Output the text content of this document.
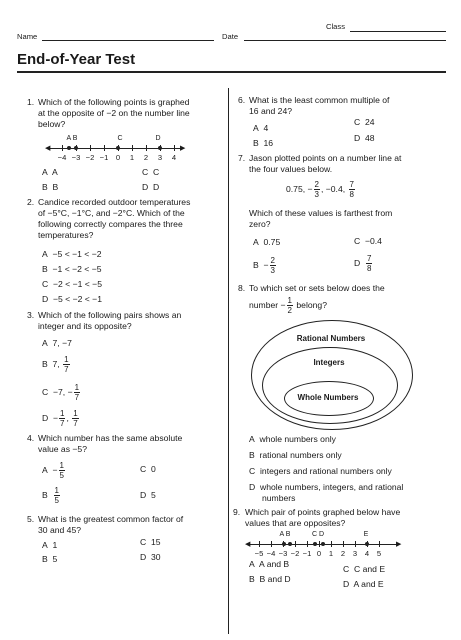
Class
Name	Date
End-of-Year Test
1. Which of the following points is graphed
at the opposite of −2 on the number line
below?
A B	C	D
◀	▶
−4 −3 −2 −1 0	1	2	3	4
A A	C C
B B	D D
2. Candice recorded outdoor temperatures
of −5°C, −1°C, and −2°C. Which of the
following correctly compares the three
temperatures?
A −5 < −1 < −2
B −1 < −2 < −5
C −2 < −1 < −5
D −5 < −2 < −1
3. Which of the following pairs shows an
integer and its opposite?
A 7, −7
B 7, $\frac{1}{7}$
C −7, − $\frac{1}{7}$
$D - \frac{1}{7}$ , $\frac{1}{7}$
4. Which number has the same absolute
value as −5?
$A - \frac{1}{5}$	C 0
B $\frac{1}{5}$	D 5
5. What is the greatest common factor of
30 and 45?
A 1	C 15
B 5	D 30
6. What is the least common multiple of
16 and 24?
A 4
C 24
B 16	D 48
7. Jason plotted points on a number line at
the four values below.
0.75, − $\frac{2}{3}$ , −0.4, $\frac{7}{8}$
Which of these values is farthest from
zero?
A 0.75	C −0.4
$B - \frac{2}{3}$	D $\frac{7}{8}$
8. To which set or sets below does the
number − $\frac{1}{2}$ belong?
Rational Numbers
Integers
Whole Numbers
A whole numbers only
B rational numbers only
C integers and rational numbers only
D whole numbers, integers, and rational
numbers
9. Which pair of points graphed below have
values that are opposites?
A B	C D	E
◀	▶
−5 −4 −3 −2 −1 0	1	2	3	4	5
A A and B	C C and E
B B and D	D A and E
